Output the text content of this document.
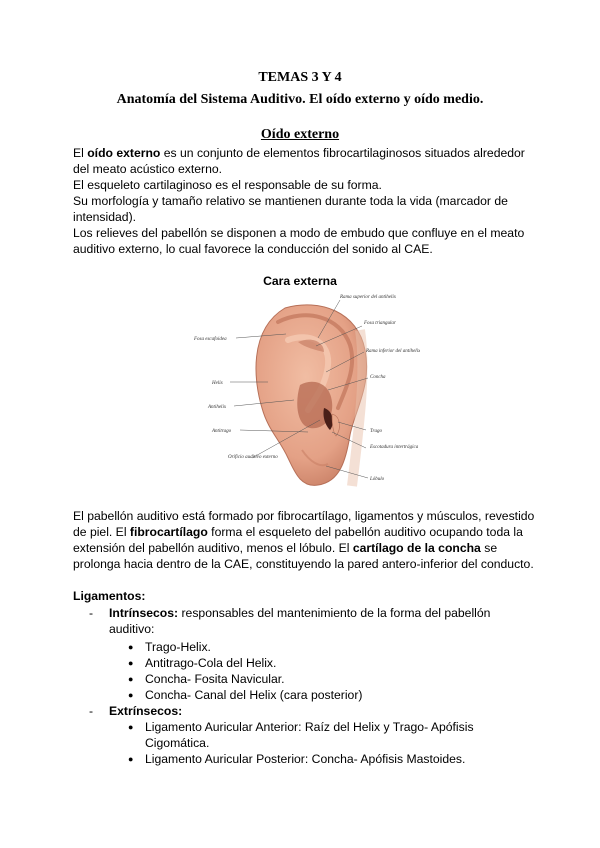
TEMAS 3 Y 4
Anatomía del Sistema Auditivo. El oído externo y oído medio.
Oído externo

El oído externo es un conjunto de elementos fibrocartilaginosos situados alrededor del meato acústico externo.

El esqueleto cartilaginoso es el responsable de su forma.

Su morfología y tamaño relativo se mantienen durante toda la vida (marcador de intensidad).

Los relieves del pabellón se disponen a modo de embudo que confluye en el meato auditivo externo, lo cual favorece la conducción del sonido al CAE.

Cara externa
Rama superior del antihelix
Fosa triangular
Rama inferior del antihelix
Concha
Trago
Escotadura intertrágica
Lóbulo
Fosa escafoidea
Helix
Antihelix
Antitrago
Orificio auditivo externo

El pabellón auditivo está formado por fibrocartílago, ligamentos y músculos, revestido de piel. El fibrocartílago forma el esqueleto del pabellón auditivo ocupando toda la extensión del pabellón auditivo, menos el lóbulo. El cartílago de la concha se prolonga hacia dentro de la CAE, constituyendo la pared antero-inferior del conducto.

Ligamentos:
-	Intrínsecos: responsables del mantenimiento de la forma del pabellón auditivo:
● Trago-Helix.
● Antitrago-Cola del Helix.
● Concha- Fosita Navicular.
● Concha- Canal del Helix (cara posterior)
-	Extrínsecos:
● Ligamento Auricular Anterior: Raíz del Helix y Trago- Apófisis Cigomática.
● Ligamento Auricular Posterior: Concha- Apófisis Mastoides.
